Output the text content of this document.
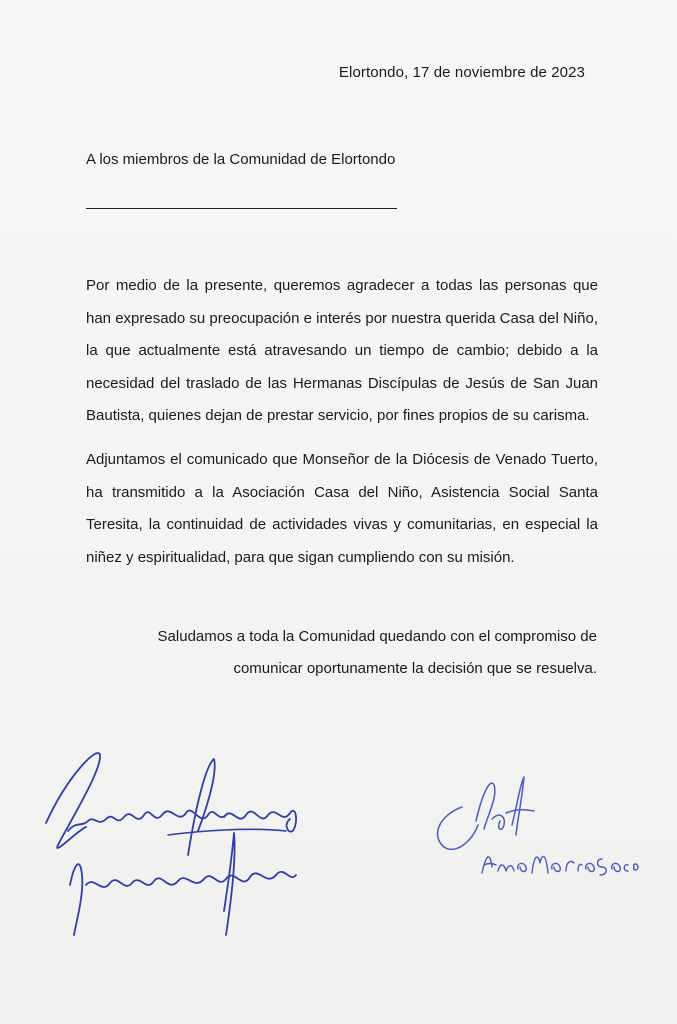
Elortondo, 17 de noviembre de 2023
A los miembros de la Comunidad de Elortondo
Por medio de la presente, queremos agradecer a todas las personas que han expresado su preocupación e interés por nuestra querida Casa del Niño, la que actualmente está atravesando un tiempo de cambio; debido a la necesidad del traslado de las Hermanas Discípulas de Jesús de San Juan Bautista, quienes dejan de prestar servicio, por fines propios de su carisma.
Adjuntamos el comunicado que Monseñor de la Diócesis de Venado Tuerto, ha transmitido a la Asociación Casa del Niño, Asistencia Social Santa Teresita, la continuidad de actividades vivas y comunitarias, en especial la niñez y espiritualidad, para que sigan cumpliendo con su misión.
Saludamos a toda la Comunidad quedando con el compromiso de comunicar oportunamente la decisión que se resuelva.
